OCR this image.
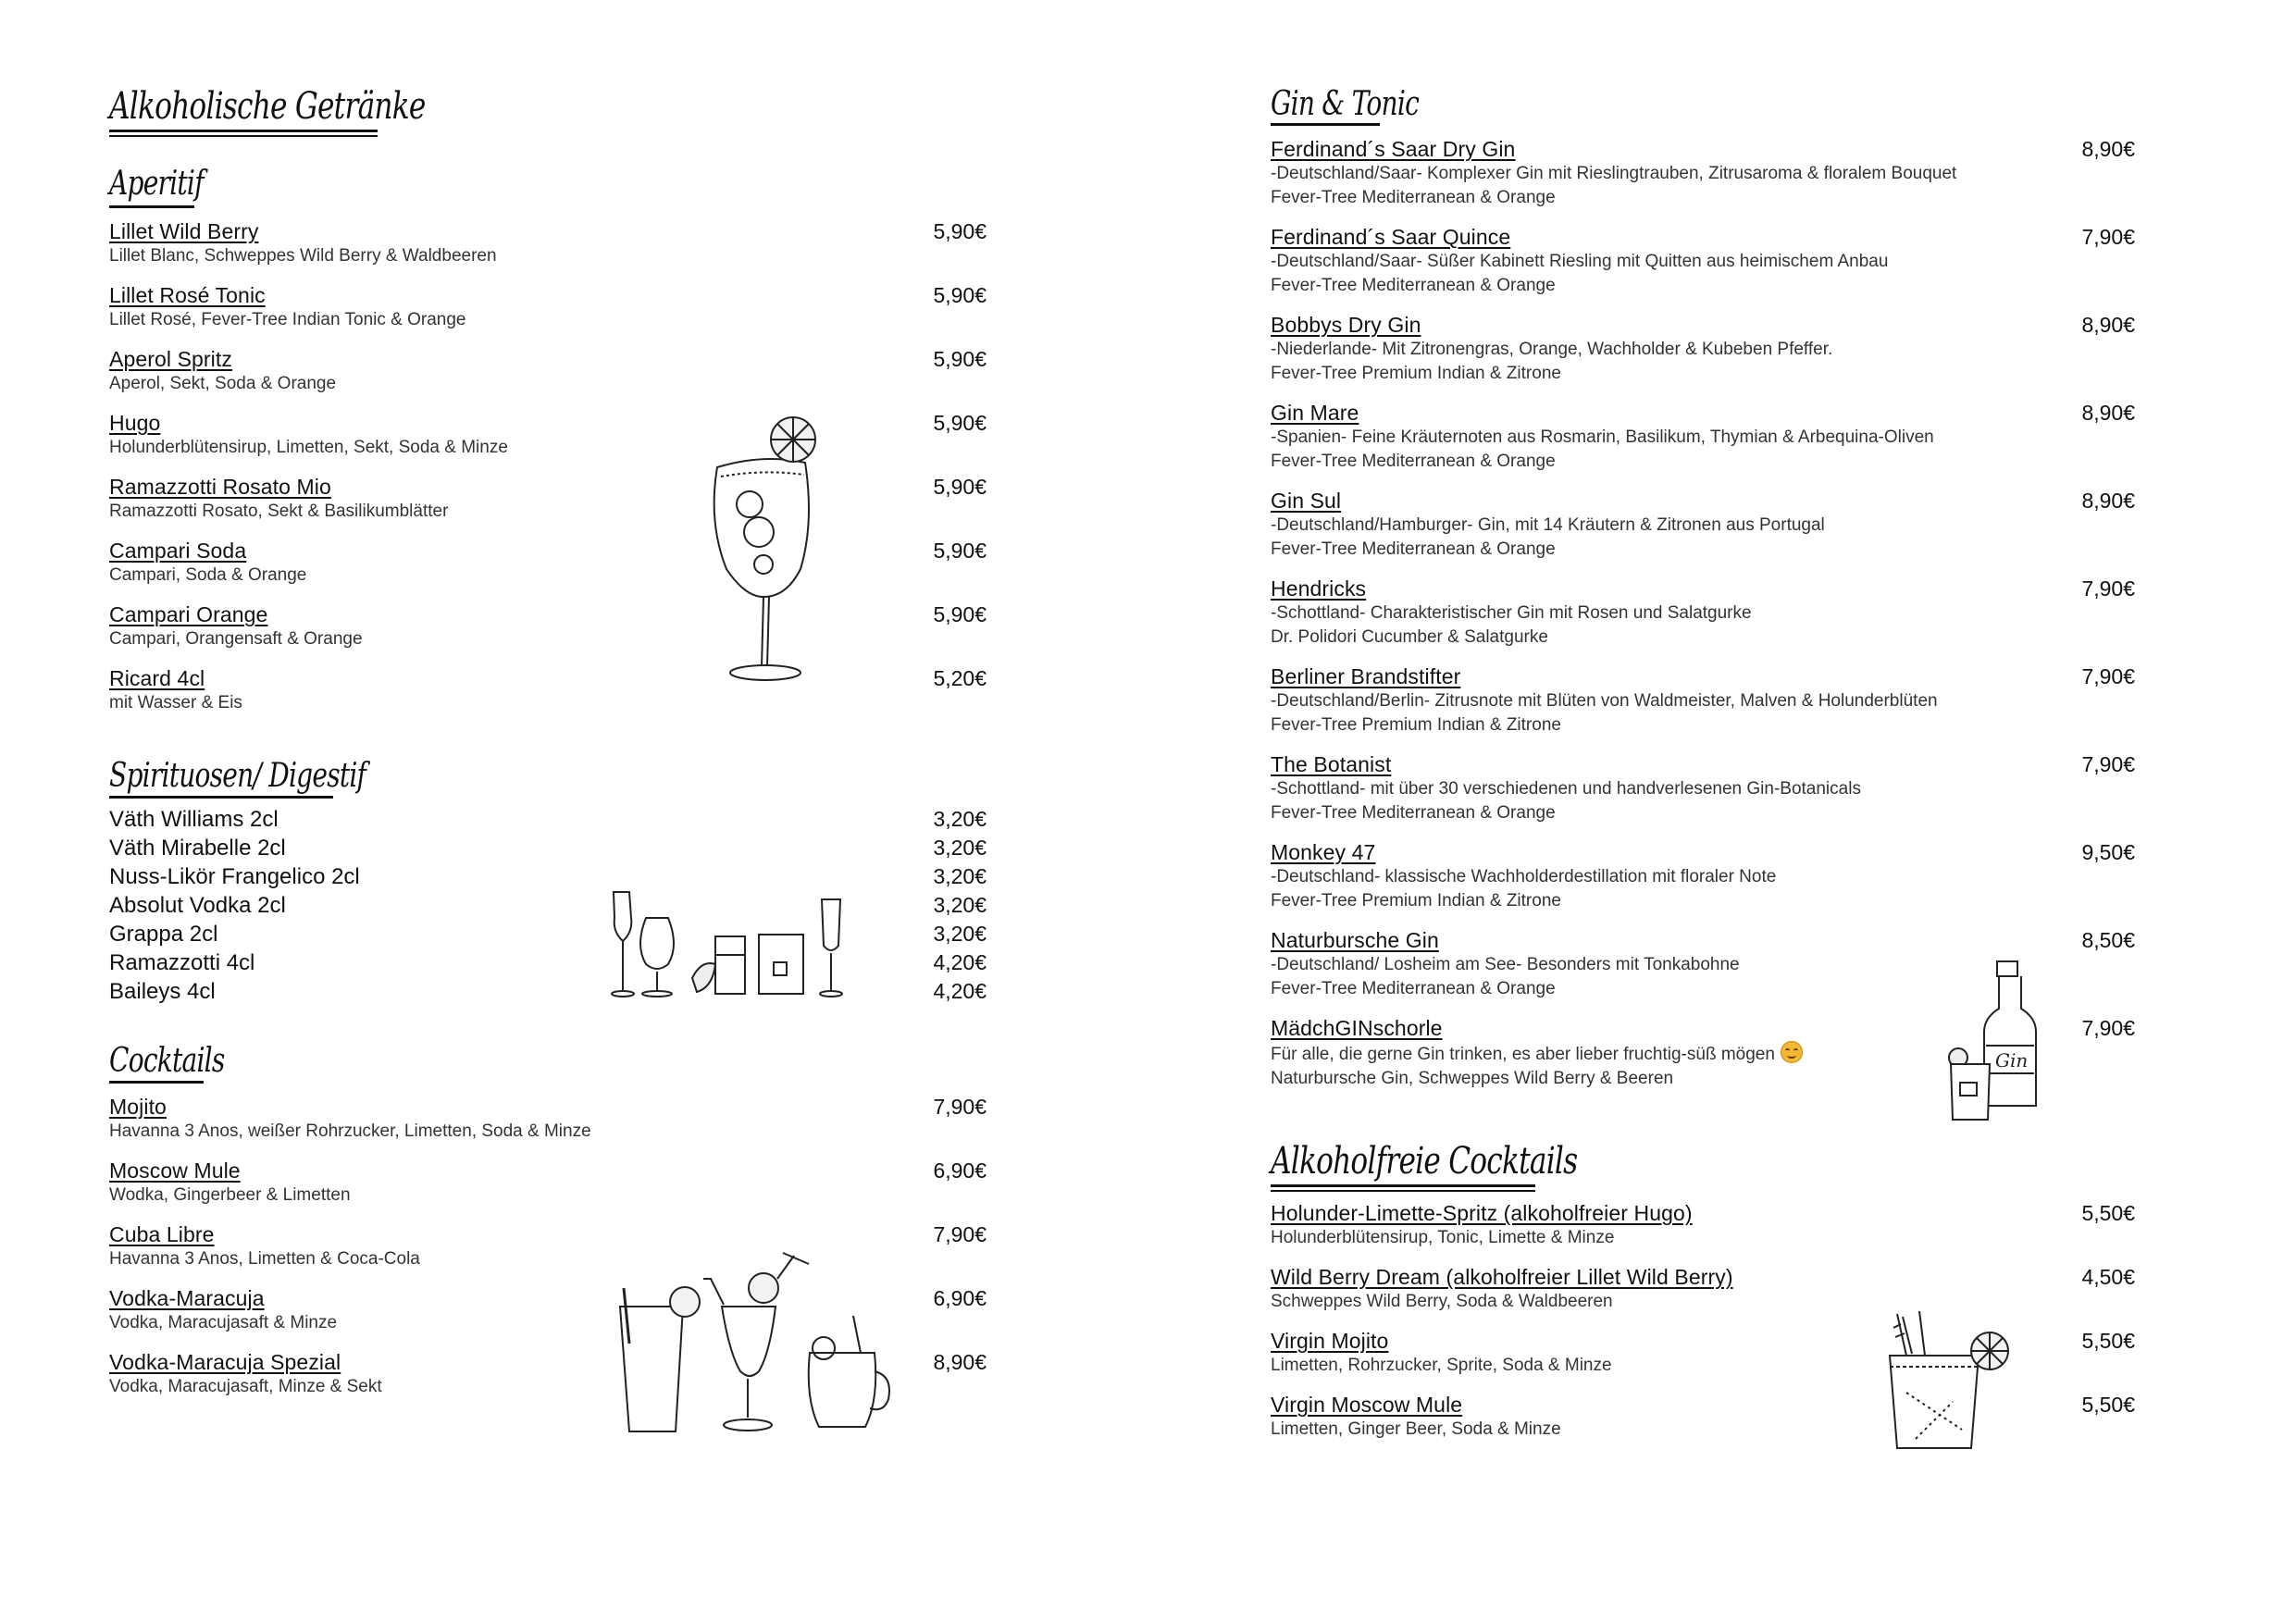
Alkoholische Getränke
Aperitif
Lillet Wild Berry
Lillet Blanc, Schweppes Wild Berry & Waldbeeren
5,90€
Lillet Rosé Tonic
Lillet Rosé, Fever-Tree Indian Tonic & Orange
5,90€
Aperol Spritz
Aperol, Sekt, Soda & Orange
5,90€
Hugo
Holunderblütensirup, Limetten, Sekt, Soda & Minze
5,90€
Ramazzotti Rosato Mio
Ramazzotti Rosato, Sekt & Basilikumblätter
5,90€
Campari Soda
Campari, Soda & Orange
5,90€
Campari Orange
Campari, Orangensaft & Orange
5,90€
Ricard 4cl
mit Wasser & Eis
5,20€
Spirituosen/ Digestif
Väth Williams 2cl	3,20€
Väth Mirabelle 2cl	3,20€
Nuss-Likör Frangelico 2cl	3,20€
Absolut Vodka 2cl	3,20€
Grappa 2cl	3,20€
Ramazzotti 4cl	4,20€
Baileys 4cl	4,20€
Cocktails
Mojito
Havanna 3 Anos, weißer Rohrzucker, Limetten, Soda & Minze
7,90€
Moscow Mule
Wodka, Gingerbeer & Limetten
6,90€
Cuba Libre
Havanna 3 Anos, Limetten & Coca-Cola
7,90€
Vodka-Maracuja
Vodka, Maracujasaft & Minze
6,90€
Vodka-Maracuja Spezial
Vodka, Maracujasaft, Minze & Sekt
8,90€
Gin & Tonic
Ferdinand´s Saar Dry Gin
-Deutschland/Saar- Komplexer Gin mit Rieslingtrauben, Zitrusaroma & floralem Bouquet
Fever-Tree Mediterranean & Orange
8,90€
Ferdinand´s Saar Quince
-Deutschland/Saar- Süßer Kabinett Riesling mit Quitten aus heimischem Anbau
Fever-Tree Mediterranean & Orange
7,90€
Bobbys Dry Gin
-Niederlande- Mit Zitronengras, Orange, Wachholder & Kubeben Pfeffer.
Fever-Tree Premium Indian & Zitrone
8,90€
Gin Mare
-Spanien- Feine Kräuternoten aus Rosmarin, Basilikum, Thymian & Arbequina-Oliven
Fever-Tree Mediterranean & Orange
8,90€
Gin Sul
-Deutschland/Hamburger- Gin, mit 14 Kräutern & Zitronen aus Portugal
Fever-Tree Mediterranean & Orange
8,90€
Hendricks
-Schottland- Charakteristischer Gin mit Rosen und Salatgurke
Dr. Polidori Cucumber & Salatgurke
7,90€
Berliner Brandstifter
-Deutschland/Berlin- Zitrusnote mit Blüten von Waldmeister, Malven & Holunderblüten
Fever-Tree Premium Indian & Zitrone
7,90€
The Botanist
-Schottland- mit über 30 verschiedenen und handverlesenen Gin-Botanicals
Fever-Tree Mediterranean & Orange
7,90€
Monkey 47
-Deutschland- klassische Wachholderdestillation mit floraler Note
Fever-Tree Premium Indian & Zitrone
9,50€
Naturbursche Gin
-Deutschland/ Losheim am See- Besonders mit Tonkabohne
Fever-Tree Mediterranean & Orange
8,50€
MädchGINschorle
Für alle, die gerne Gin trinken, es aber lieber fruchtig-süß mögen
Naturbursche Gin, Schweppes Wild Berry & Beeren
7,90€
Gin
Alkoholfreie Cocktails
Holunder-Limette-Spritz (alkoholfreier Hugo)
Holunderblütensirup, Tonic, Limette & Minze
5,50€
Wild Berry Dream (alkoholfreier Lillet Wild Berry)
Schweppes Wild Berry, Soda & Waldbeeren
4,50€
Virgin Mojito
Limetten, Rohrzucker, Sprite, Soda & Minze
5,50€
Virgin Moscow Mule
Limetten, Ginger Beer, Soda & Minze
5,50€
